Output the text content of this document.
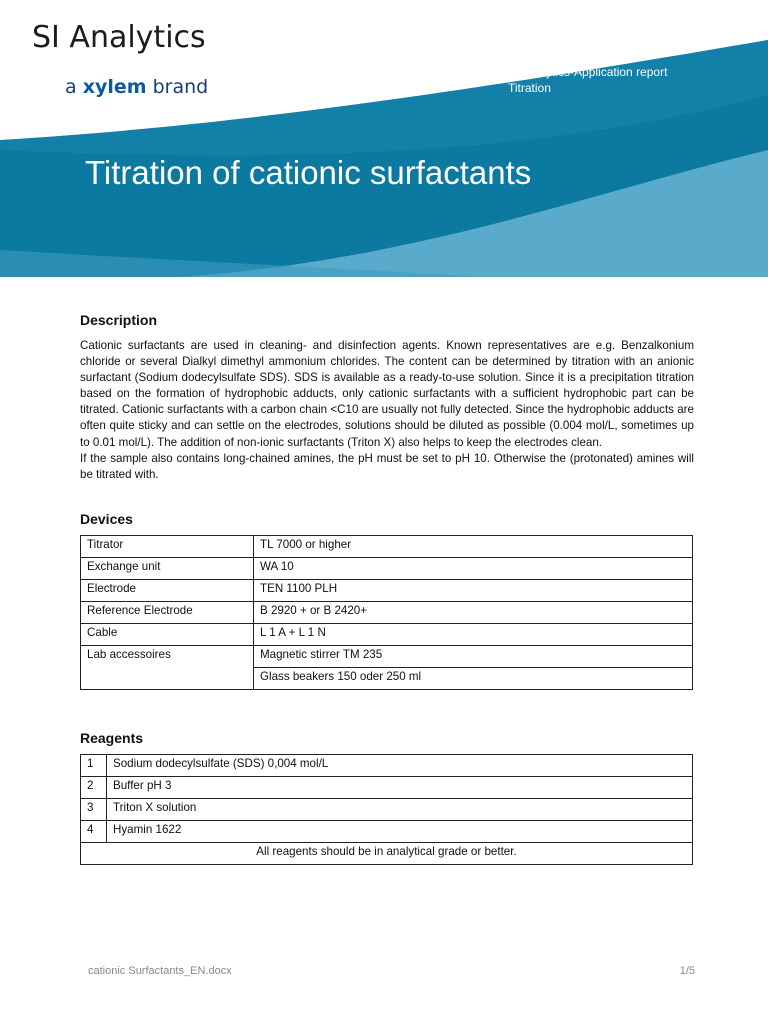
SI Analytics
a xylem brand
SI Analytics-Application report
Titration
Titration of cationic surfactants
Description

Cationic surfactants are used in cleaning- and disinfection agents. Known representatives are e.g. Benzalkonium chloride or several Dialkyl dimethyl ammonium chlorides. The content can be determined by titration with an anionic surfactant (Sodium dodecylsulfate SDS). SDS is available as a ready-to-use solution. Since it is a precipitation titration based on the formation of hydrophobic adducts, only cationic surfactants with a sufficient hydrophobic part can be titrated. Cationic surfactants with a carbon chain <C10 are usually not fully detected. Since the hydrophobic adducts are often quite sticky and can settle on the electrodes, solutions should be diluted as possible (0.004 mol/L, sometimes up to 0.01 mol/L). The addition of non-ionic surfactants (Triton X) also helps to keep the electrodes clean.

If the sample also contains long-chained amines, the pH must be set to pH 10. Otherwise the (protonated) amines will be titrated with.

Devices
Titrator	TL 7000 or higher
Exchange unit	WA 10
Electrode	TEN 1100 PLH
Reference Electrode	B 2920 + or B 2420+
Cable	L 1 A + L 1 N
Lab accessoires	Magnetic stirrer TM 235
	Glass beakers 150 oder 250 ml
Reagents
1	Sodium dodecylsulfate (SDS) 0,004 mol/L
2	Buffer pH 3
3	Triton X solution
4	Hyamin 1622
All reagents should be in analytical grade or better.	
cationic Surfactants_EN.docx	1/5
